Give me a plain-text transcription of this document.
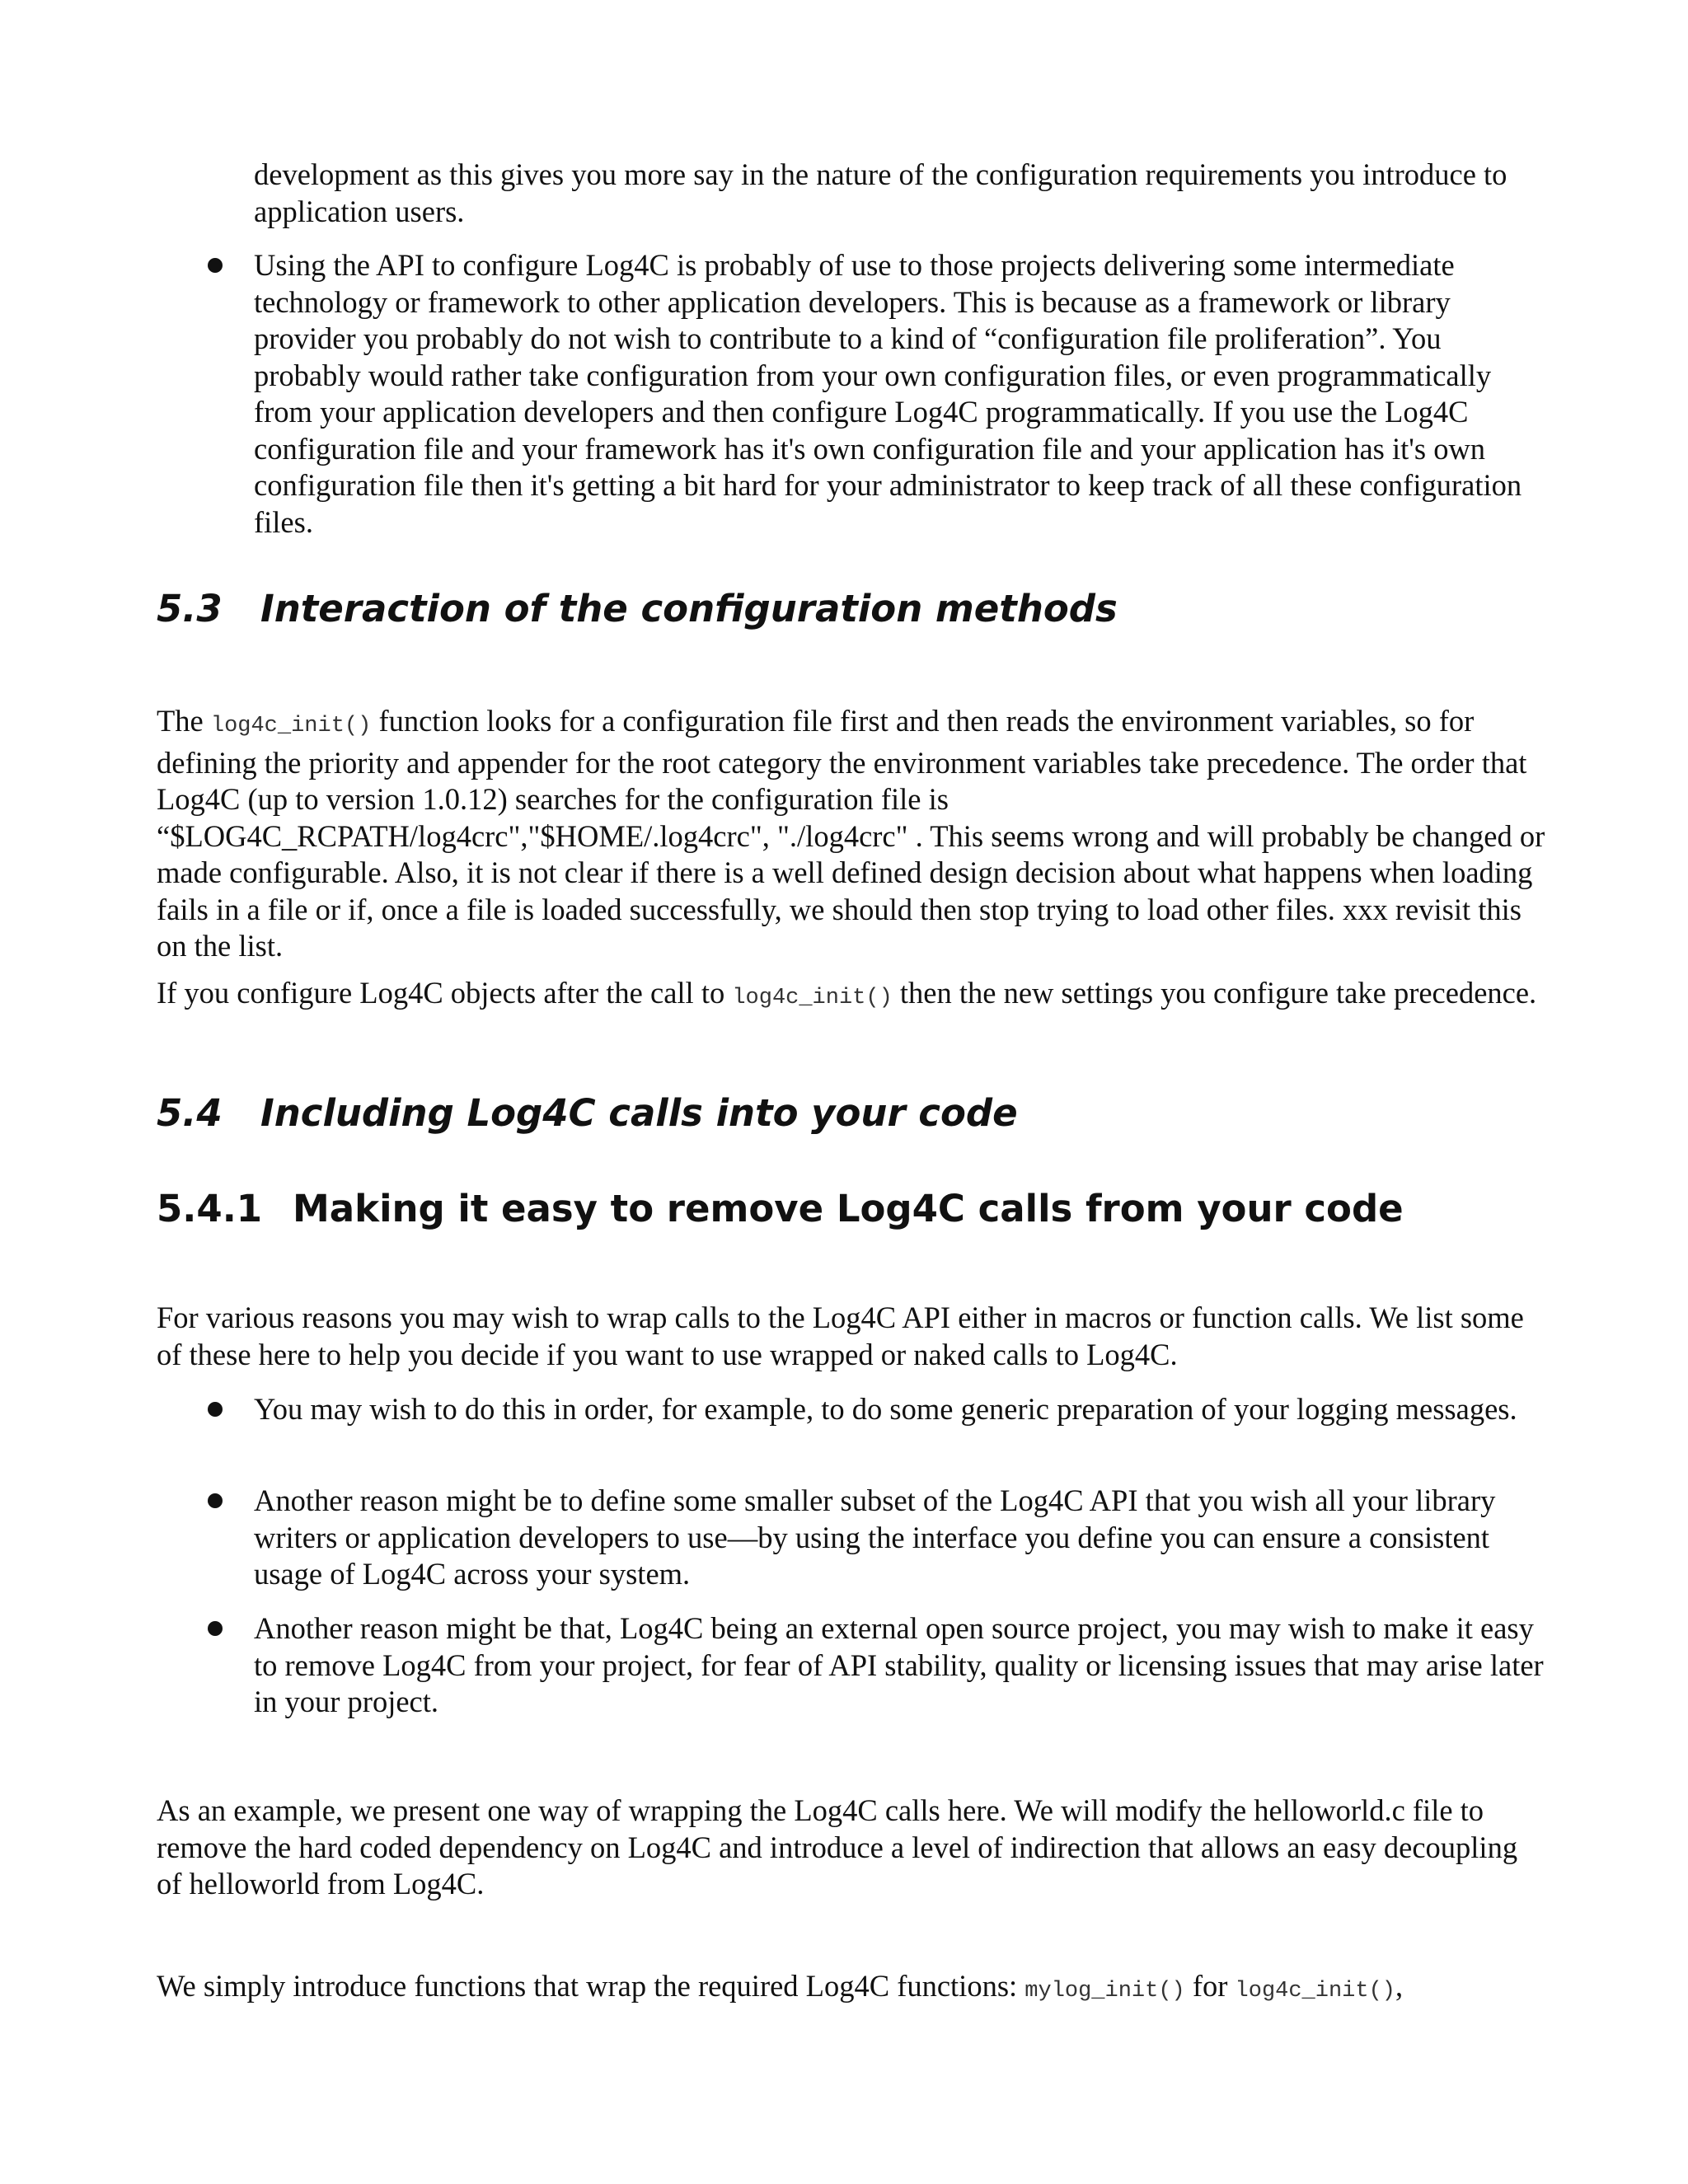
development as this gives you more say in the nature of the configuration requirements you introduce to application users.

Using the API to configure Log4C is probably of use to those projects delivering some intermediate technology or framework to other application developers. This is because as a framework or library provider you probably do not wish to contribute to a kind of “configuration file proliferation”. You probably would rather take configuration from your own configuration files, or even programmatically from your application developers and then configure Log4C programmatically. If you use the Log4C configuration file and your framework has it's own configuration file and your application has it's own configuration file then it's getting a bit hard for your administrator to keep track of all these configuration files.

5.3 Interaction of the configuration methods

The log4c_init() function looks for a configuration file first and then reads the environment variables, so for defining the priority and appender for the root category the environment variables take precedence. The order that Log4C (up to version 1.0.12) searches for the configuration file is “$LOG4C_RCPATH/log4crc","$HOME/.log4crc", "./log4crc" . This seems wrong and will probably be changed or made configurable. Also, it is not clear if there is a well defined design decision about what happens when loading fails in a file or if, once a file is loaded successfully, we should then stop trying to load other files. xxx revisit this on the list.

If you configure Log4C objects after the call to log4c_init() then the new settings you configure take precedence.

5.4 Including Log4C calls into your code
5.4.1 Making it easy to remove Log4C calls from your code

For various reasons you may wish to wrap calls to the Log4C API either in macros or function calls. We list some of these here to help you decide if you want to use wrapped or naked calls to Log4C.

You may wish to do this in order, for example, to do some generic preparation of your logging messages.

Another reason might be to define some smaller subset of the Log4C API that you wish all your library writers or application developers to use—by using the interface you define you can ensure a consistent usage of Log4C across your system.

Another reason might be that, Log4C being an external open source project, you may wish to make it easy to remove Log4C from your project, for fear of API stability, quality or licensing issues that may arise later in your project.

As an example, we present one way of wrapping the Log4C calls here. We will modify the helloworld.c file to remove the hard coded dependency on Log4C and introduce a level of indirection that allows an easy decoupling of helloworld from Log4C.

We simply introduce functions that wrap the required Log4C functions: mylog_init() for log4c_init(),
